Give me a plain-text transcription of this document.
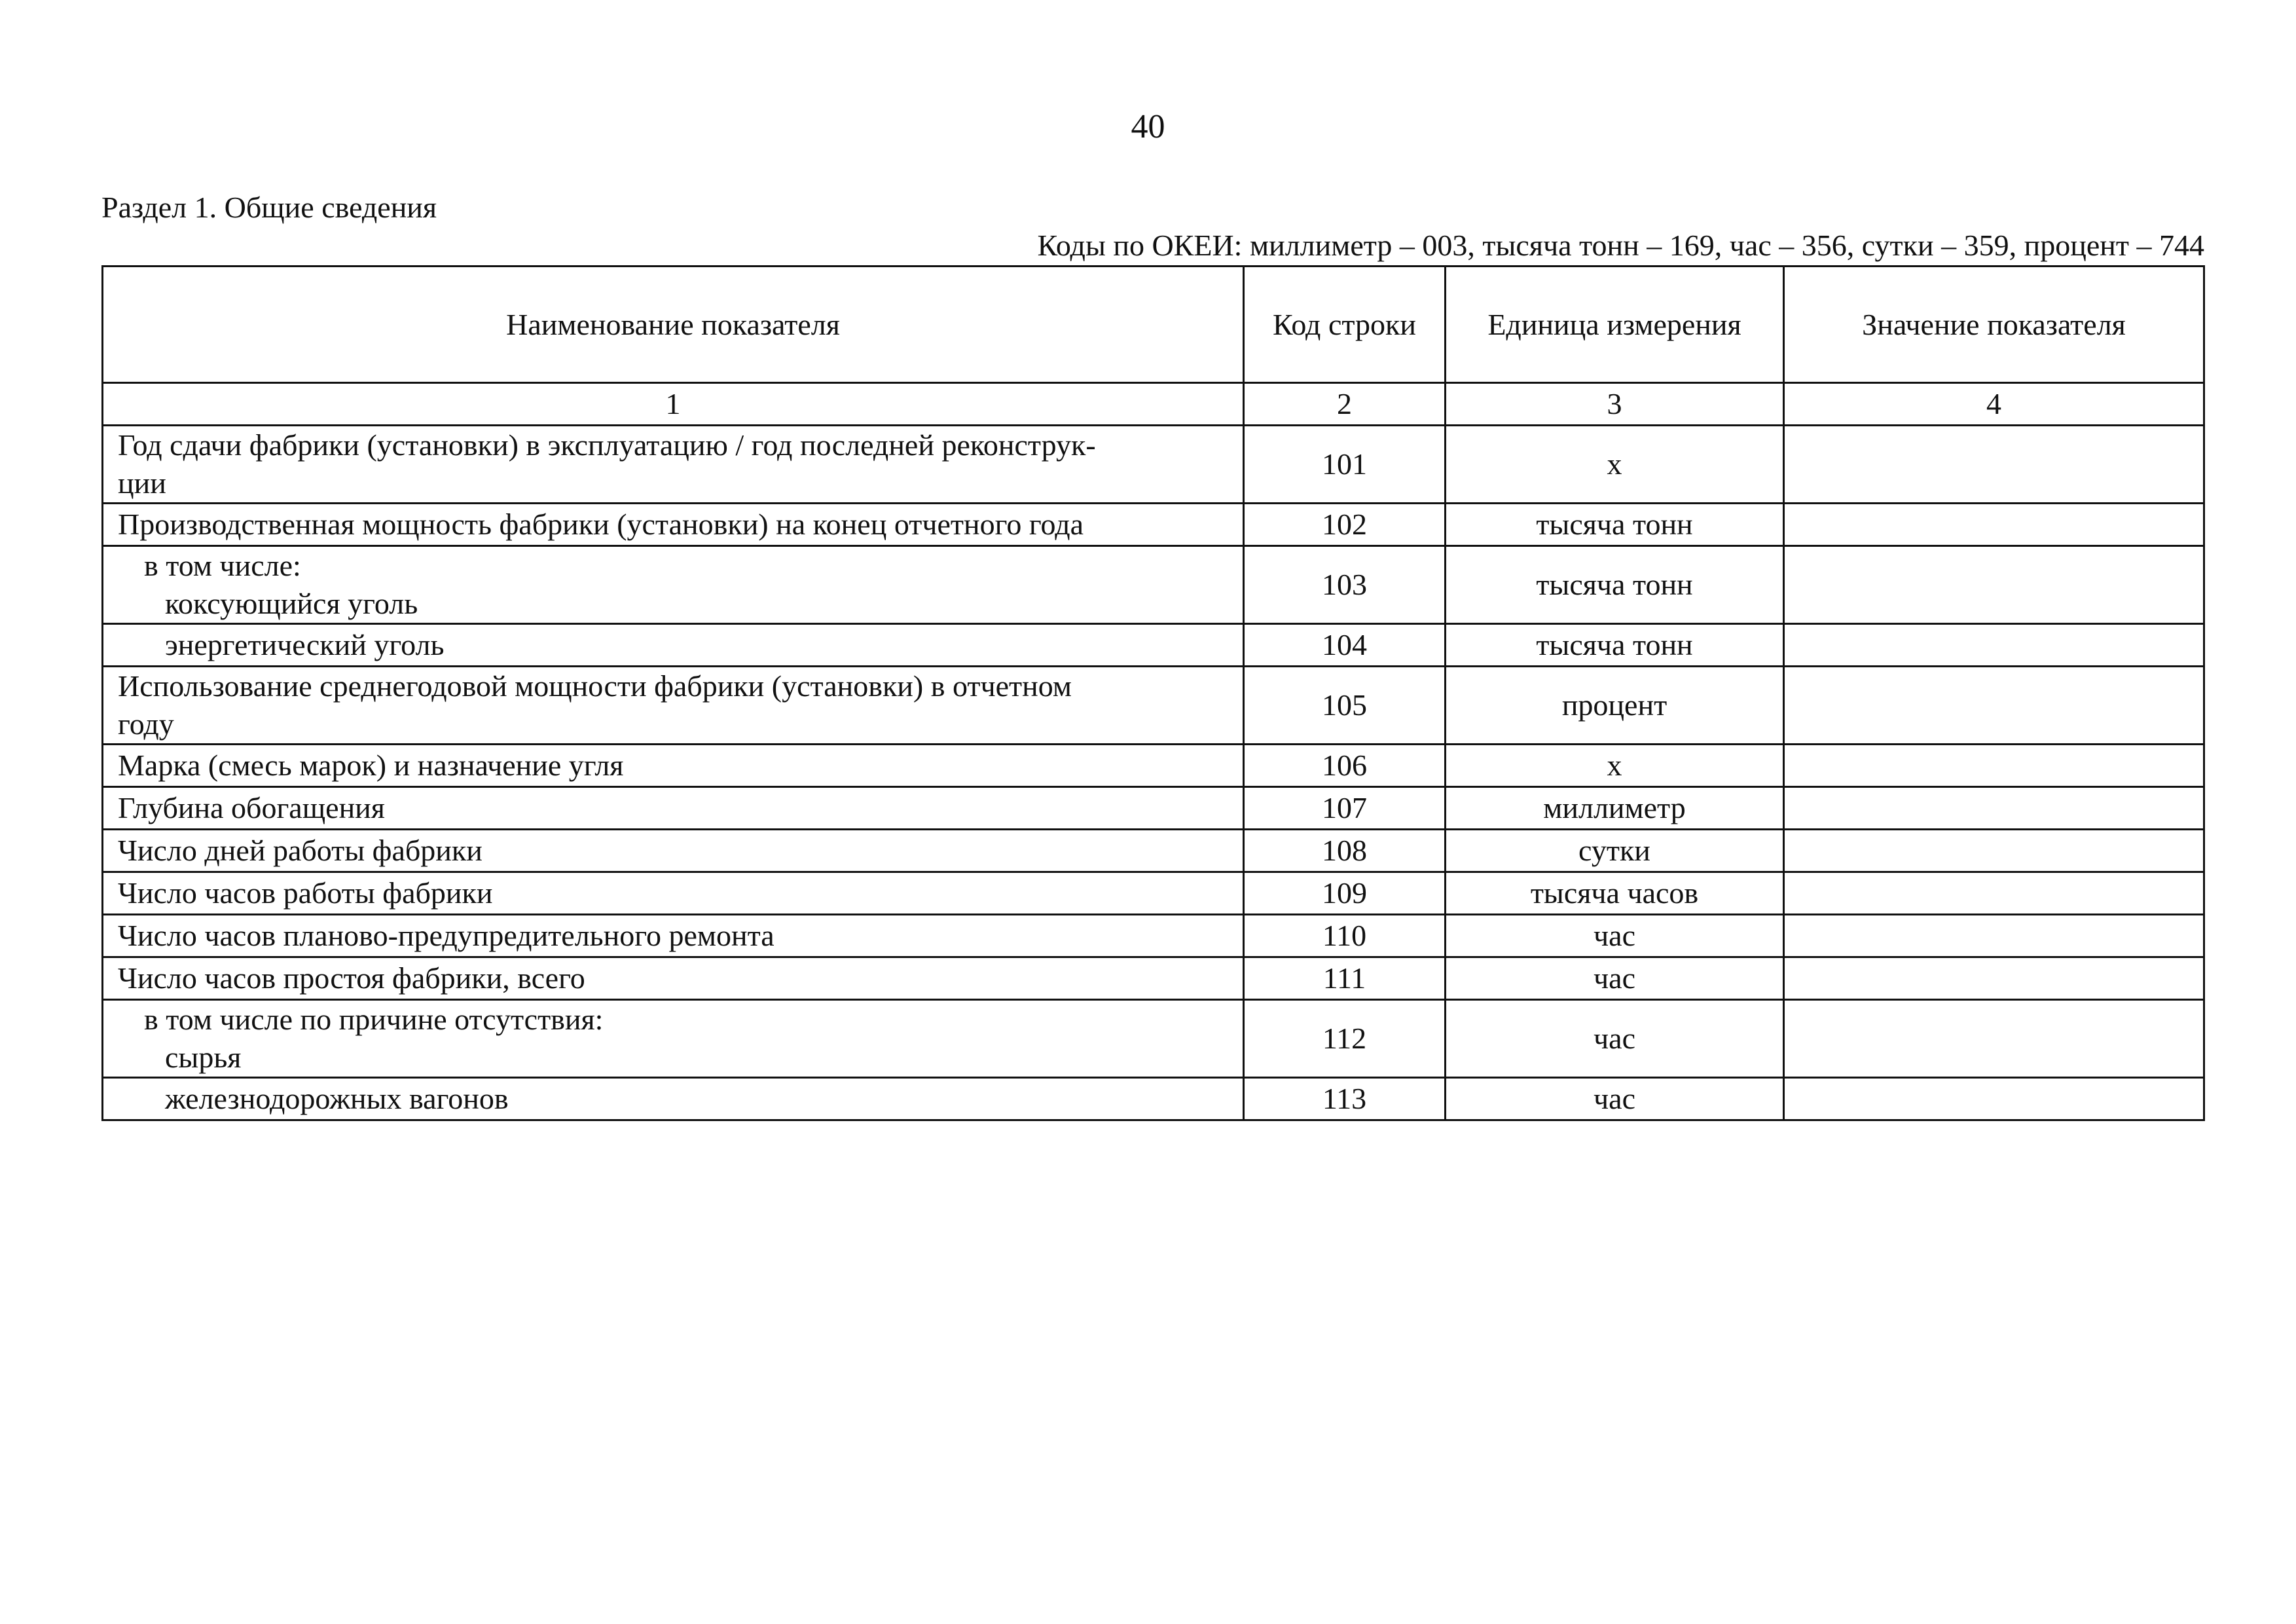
40
Раздел 1. Общие сведения
Коды по ОКЕИ: миллиметр – 003, тысяча тонн – 169, час – 356, сутки – 359, процент – 744
Наименование показателя	Код строки	Единица измерения	Значение показателя
1	2	3	4

Год сдачи фабрики (установки) в эксплуатацию / год последней реконструк-
ции	101	х	

Производственная мощность фабрики (установки) на конец отчетного года	102	тысяча тонн	

в том числе:
коксующийся уголь	103	тысяча тонн	

энергетический уголь	104	тысяча тонн	

Использование среднегодовой мощности фабрики (установки) в отчетном
году	105	процент	

Марка (смесь марок) и назначение угля	106	х	

Глубина обогащения	107	миллиметр	

Число дней работы фабрики	108	сутки	

Число часов работы фабрики	109	тысяча часов	

Число часов планово-предупредительного ремонта	110	час	

Число часов простоя фабрики, всего	111	час	

в том числе по причине отсутствия:
сырья	112	час	

железнодорожных вагонов	113	час	
